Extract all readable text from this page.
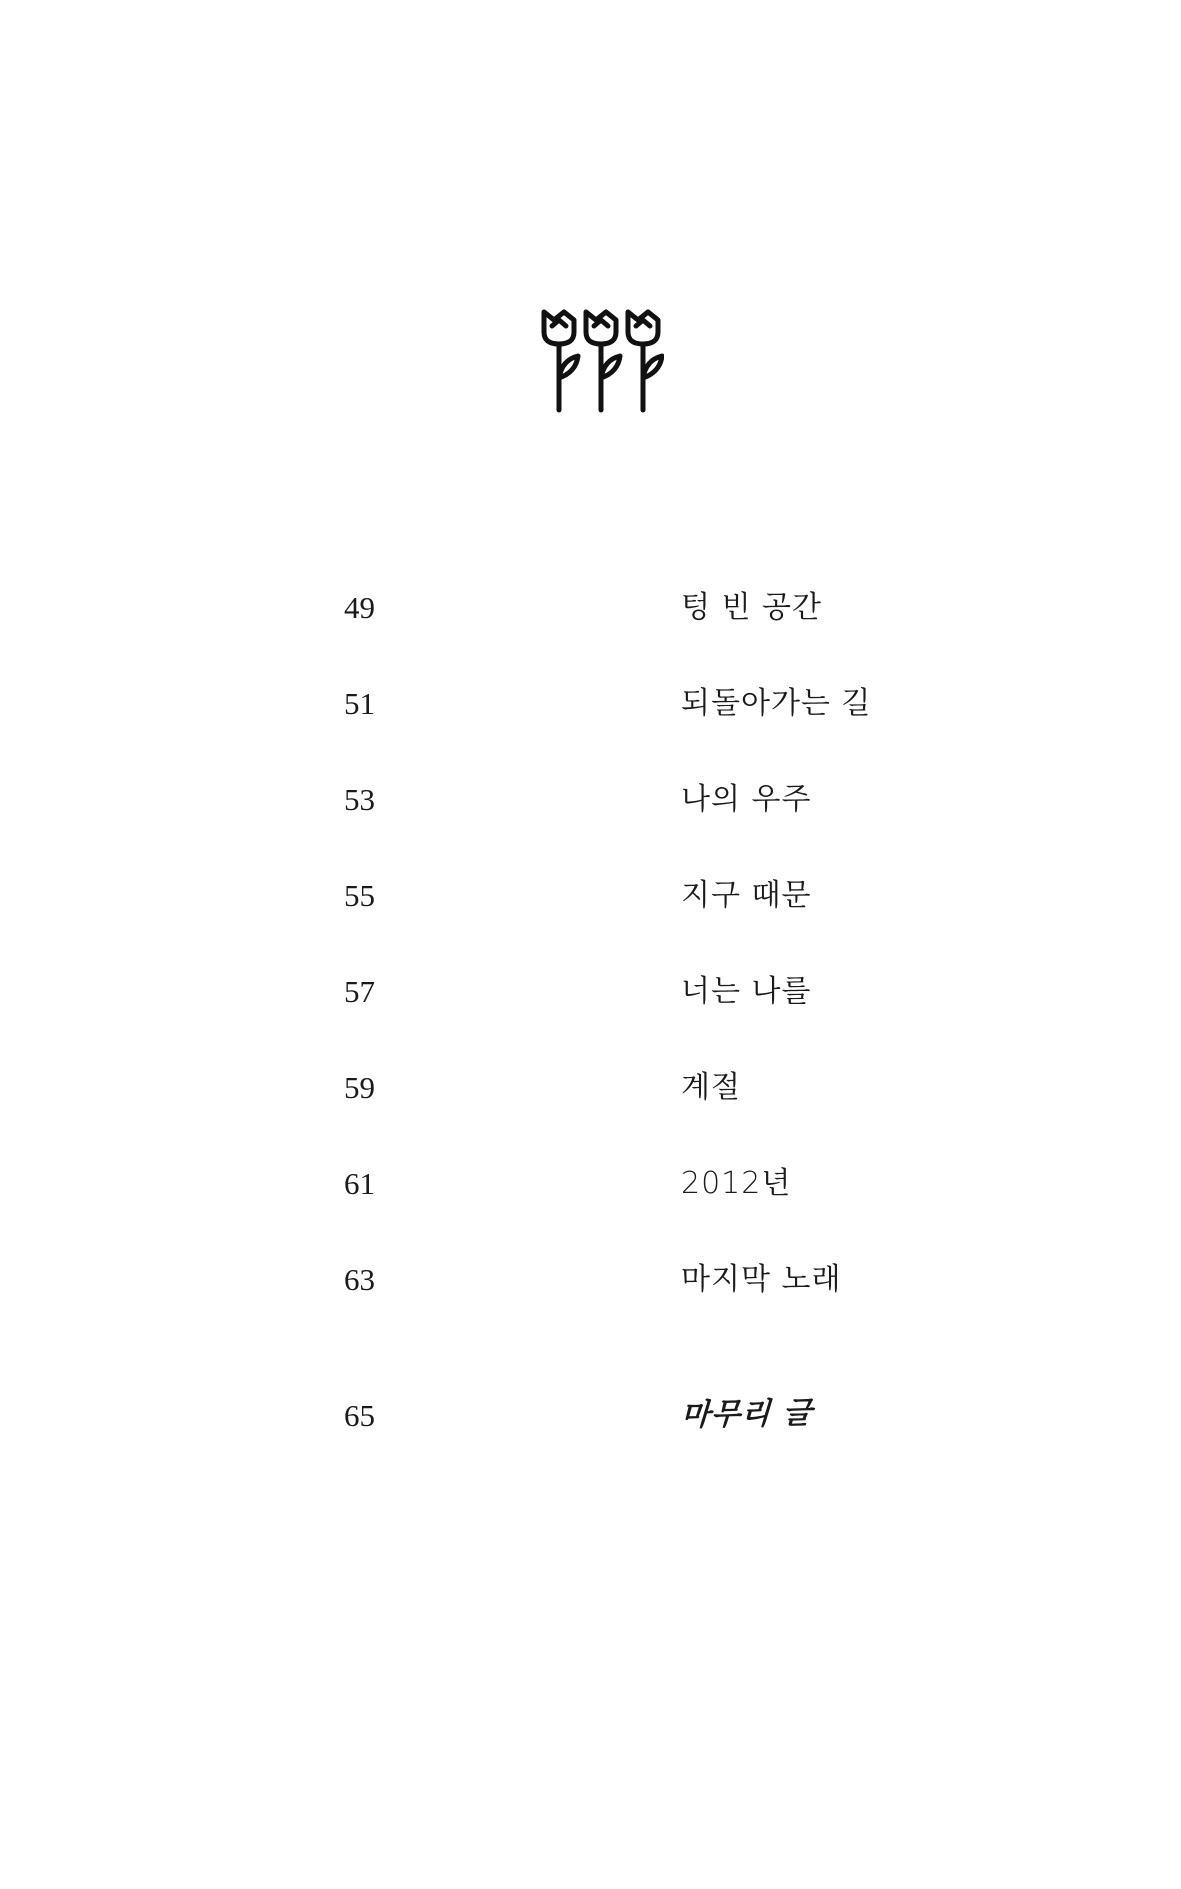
49	텅 빈 공간
51	되돌아가는 길
53	나의 우주
55	지구 때문
57	너는 나를
59	계절
61	2012년
63	마지막 노래
65	마무리 글
